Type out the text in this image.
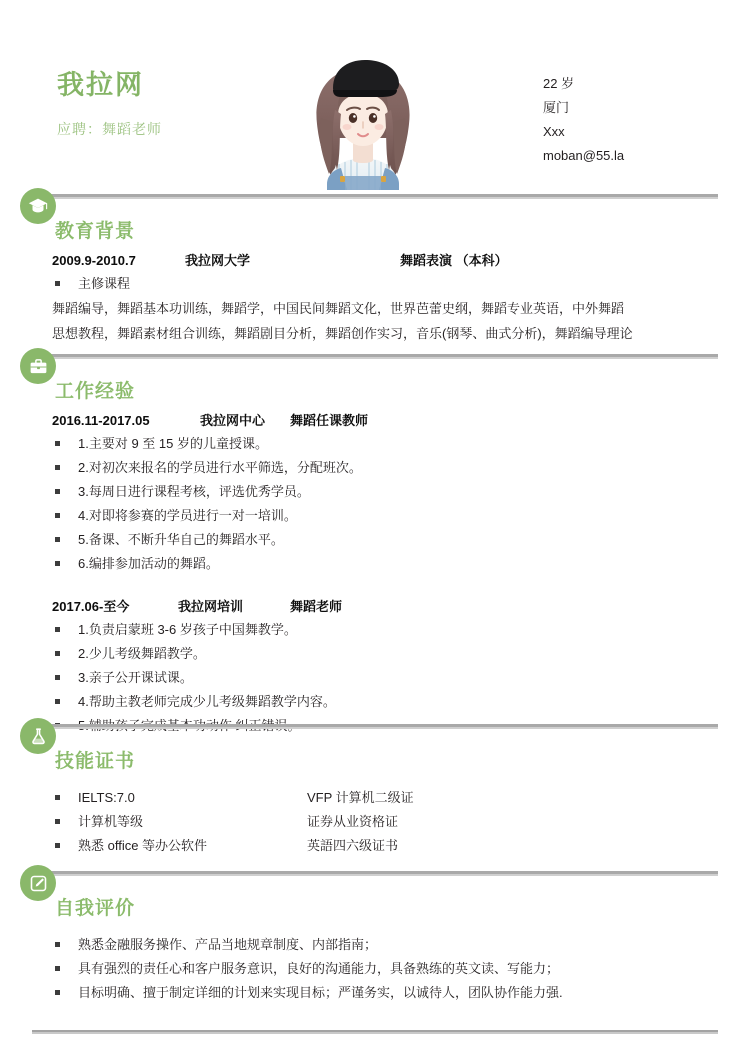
我拉网
应聘：舞蹈老师
22 岁
厦门
Xxx
moban@55.la
教育背景
2009.9-2010.7	我拉网大学	舞蹈表演 （本科）
主修课程
舞蹈编导，舞蹈基本功训练，舞蹈学，中国民间舞蹈文化，世界芭蕾史纲，舞蹈专业英语，中外舞蹈
思想教程，舞蹈素材组合训练，舞蹈剧目分析，舞蹈创作实习，音乐(钢琴、曲式分析)，舞蹈编导理论
工作经验
2016.11-2017.05	我拉网中心 舞蹈任课教师
1.主要对 9 至 15 岁的儿童授课。
2.对初次来报名的学员进行水平筛选，分配班次。
3.每周日进行课程考核，评选优秀学员。
4.对即将参赛的学员进行一对一培训。
5.备课、不断升华自己的舞蹈水平。
6.编排参加活动的舞蹈。
2017.06-至今	我拉网培训	舞蹈老师
1.负责启蒙班 3-6 岁孩子中国舞教学。
2.少儿考级舞蹈教学。
3.亲子公开课试课。
4.帮助主教老师完成少儿考级舞蹈教学内容。
技能证书
IELTS:7.0	VFP 计算机二级证
计算机等级	证券从业资格证
熟悉 office 等办公软件	英語四六级证书
自我评价
熟悉金融服务操作、产品当地规章制度、内部指南；
具有强烈的责任心和客户服务意识，良好的沟通能力，具备熟练的英文读、写能力；
目标明确、擅于制定详细的计划来实现目标；严谨务实，以诚待人，团队协作能力强.
